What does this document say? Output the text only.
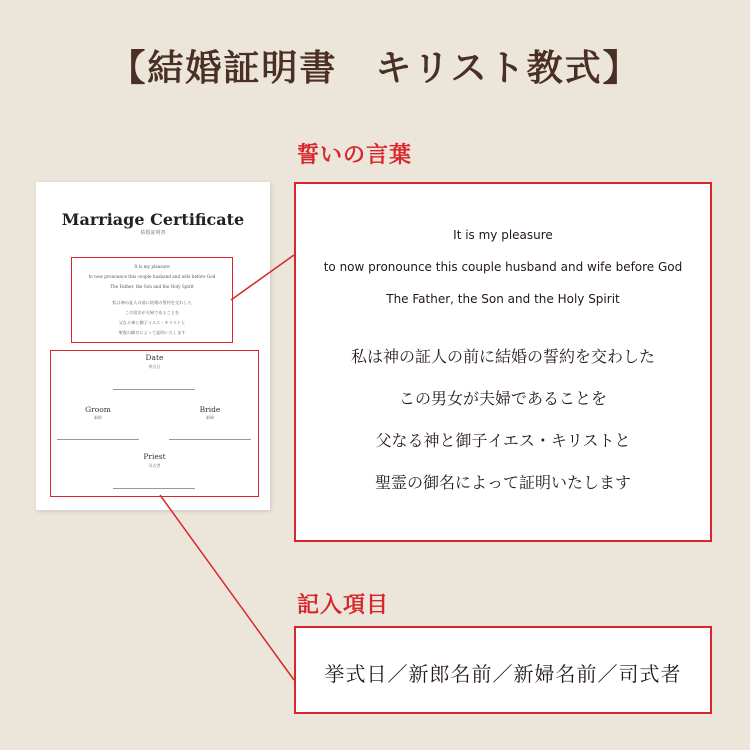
【結婚証明書　キリスト教式】
誓いの言葉
Marriage Certificate
結婚証明書
It is my pleasure
to now pronounce this couple husband and wife before God
The Father, the Son and the Holy Spirit
私は神の証人の前に結婚の誓約を交わした
この男女が夫婦であることを
父なる神と御子イエス・キリストと
聖霊の御名によって証明いたします
Date
挙式日
Groom
新郎
Bride
新婦
Priest
司式者
It is my pleasure
to now pronounce this couple husband and wife before God
The Father, the Son and the Holy Spirit
私は神の証人の前に結婚の誓約を交わした
この男女が夫婦であることを
父なる神と御子イエス・キリストと
聖霊の御名によって証明いたします
記入項目
挙式日／新郎名前／新婦名前／司式者
